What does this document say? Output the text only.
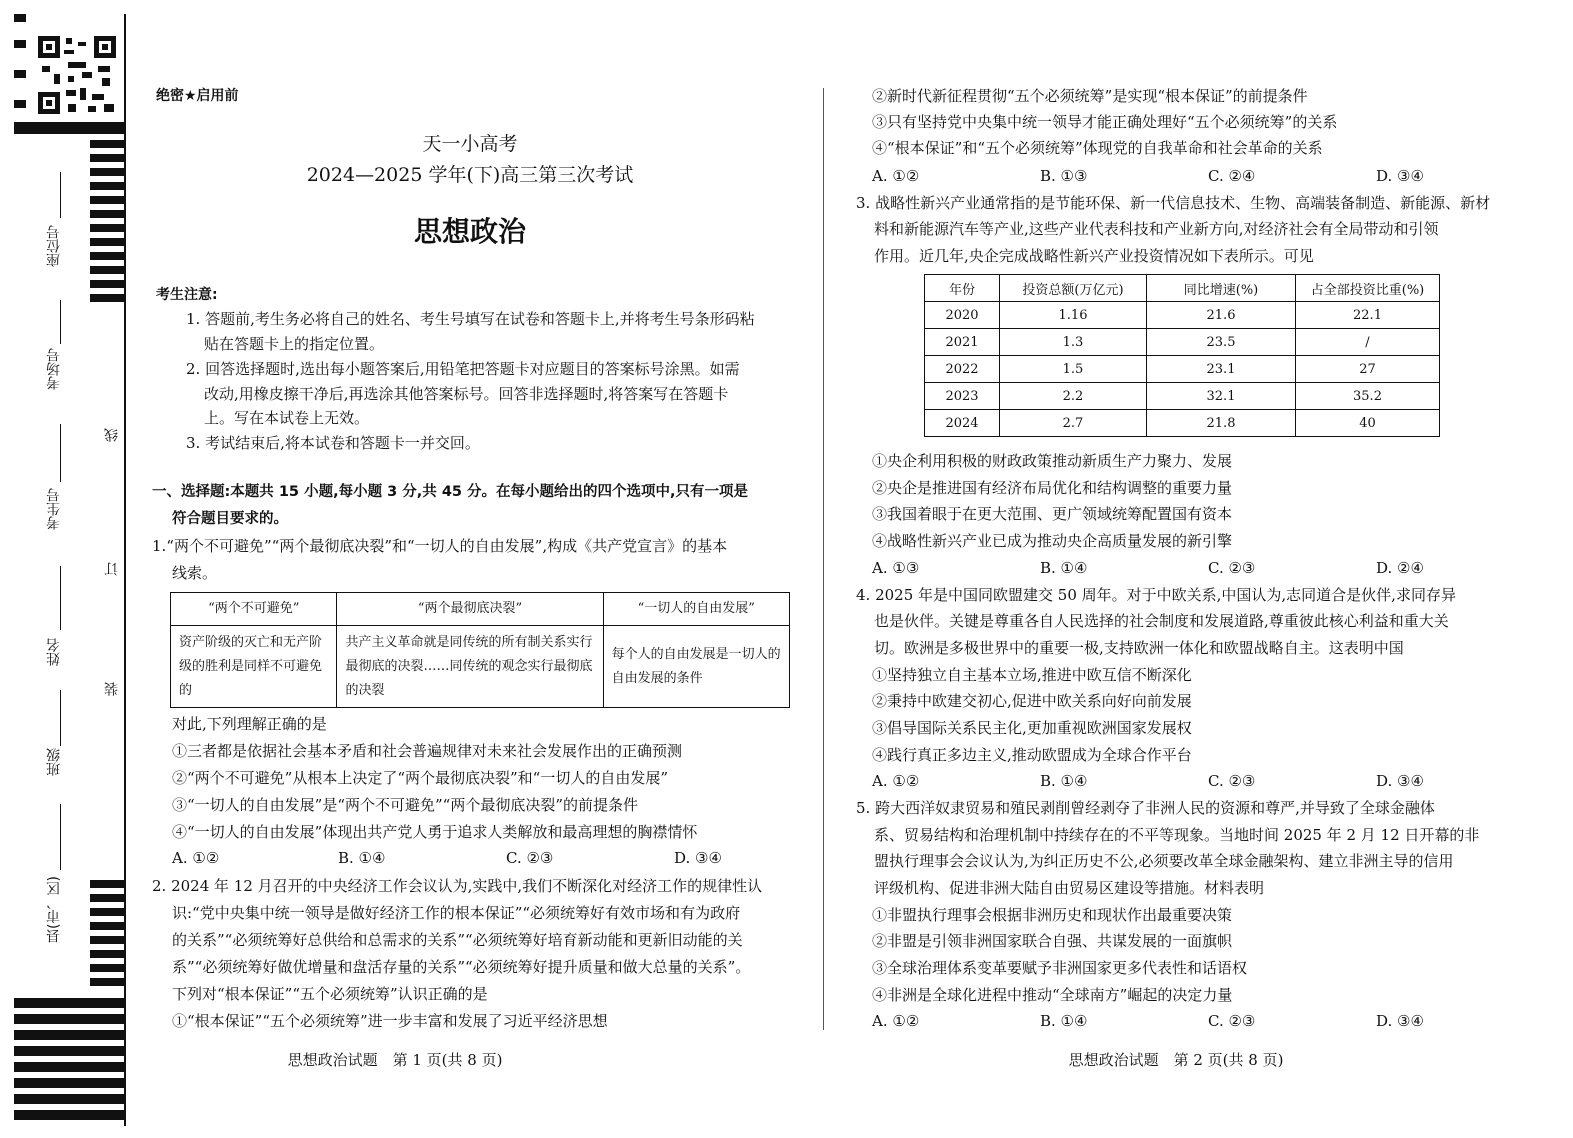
座位号
考场号
考生号
姓名
班级
县(市、区)
线
订
装
绝密★启用前
天一小高考
2024—2025 学年(下)高三第三次考试
思想政治
考生注意:
1. 答题前,考生务必将自己的姓名、考生号填写在试卷和答题卡上,并将考生号条形码粘
贴在答题卡上的指定位置。
2. 回答选择题时,选出每小题答案后,用铅笔把答题卡对应题目的答案标号涂黑。如需
改动,用橡皮擦干净后,再选涂其他答案标号。回答非选择题时,将答案写在答题卡
上。写在本试卷上无效。
3. 考试结束后,将本试卷和答题卡一并交回。
一、选择题:本题共 15 小题,每小题 3 分,共 45 分。在每小题给出的四个选项中,只有一项是
符合题目要求的。
1.“两个不可避免”“两个最彻底决裂”和“一切人的自由发展”,构成《共产党宣言》的基本
线索。
“两个不可避免”	“两个最彻底决裂”	“一切人的自由发展”
资产阶级的灭亡和无产阶级的胜利是同样不可避免的	共产主义革命就是同传统的所有制关系实行最彻底的决裂……同传统的观念实行最彻底的决裂	每个人的自由发展是一切人的自由发展的条件
对此,下列理解正确的是
①三者都是依据社会基本矛盾和社会普遍规律对未来社会发展作出的正确预测
②“两个不可避免”从根本上决定了“两个最彻底决裂”和“一切人的自由发展”
③“一切人的自由发展”是“两个不可避免”“两个最彻底决裂”的前提条件
④“一切人的自由发展”体现出共产党人勇于追求人类解放和最高理想的胸襟情怀
A. ①②	B. ①④	C. ②③	D. ③④
2. 2024 年 12 月召开的中央经济工作会议认为,实践中,我们不断深化对经济工作的规律性认
识:“党中央集中统一领导是做好经济工作的根本保证”“必须统筹好有效市场和有为政府
的关系”“必须统筹好总供给和总需求的关系”“必须统筹好培育新动能和更新旧动能的关
系”“必须统筹好做优增量和盘活存量的关系”“必须统筹好提升质量和做大总量的关系”。
下列对“根本保证”“五个必须统筹”认识正确的是
①“根本保证”“五个必须统筹”进一步丰富和发展了习近平经济思想
思想政治试题　第 1 页(共 8 页)
②新时代新征程贯彻“五个必须统筹”是实现“根本保证”的前提条件
③只有坚持党中央集中统一领导才能正确处理好“五个必须统筹”的关系
④“根本保证”和“五个必须统筹”体现党的自我革命和社会革命的关系
A. ①②	B. ①③	C. ②④	D. ③④
3. 战略性新兴产业通常指的是节能环保、新一代信息技术、生物、高端装备制造、新能源、新材
料和新能源汽车等产业,这些产业代表科技和产业新方向,对经济社会有全局带动和引领
作用。近几年,央企完成战略性新兴产业投资情况如下表所示。可见
年份	投资总额(万亿元)	同比增速(%)	占全部投资比重(%)
2020	1.16	21.6	22.1
2021	1.3	23.5	/
2022	1.5	23.1	27
2023	2.2	32.1	35.2
2024	2.7	21.8	40
①央企利用积极的财政政策推动新质生产力聚力、发展
②央企是推进国有经济布局优化和结构调整的重要力量
③我国着眼于在更大范围、更广领域统筹配置国有资本
④战略性新兴产业已成为推动央企高质量发展的新引擎
A. ①③	B. ①④	C. ②③	D. ②④
4. 2025 年是中国同欧盟建交 50 周年。对于中欧关系,中国认为,志同道合是伙伴,求同存异
也是伙伴。关键是尊重各自人民选择的社会制度和发展道路,尊重彼此核心利益和重大关
切。欧洲是多极世界中的重要一极,支持欧洲一体化和欧盟战略自主。这表明中国
①坚持独立自主基本立场,推进中欧互信不断深化
②秉持中欧建交初心,促进中欧关系向好向前发展
③倡导国际关系民主化,更加重视欧洲国家发展权
④践行真正多边主义,推动欧盟成为全球合作平台
A. ①②	B. ①④	C. ②③	D. ③④
5. 跨大西洋奴隶贸易和殖民剥削曾经剥夺了非洲人民的资源和尊严,并导致了全球金融体
系、贸易结构和治理机制中持续存在的不平等现象。当地时间 2025 年 2 月 12 日开幕的非
盟执行理事会会议认为,为纠正历史不公,必须要改革全球金融架构、建立非洲主导的信用
评级机构、促进非洲大陆自由贸易区建设等措施。材料表明
①非盟执行理事会根据非洲历史和现状作出最重要决策
②非盟是引领非洲国家联合自强、共谋发展的一面旗帜
③全球治理体系变革要赋予非洲国家更多代表性和话语权
④非洲是全球化进程中推动“全球南方”崛起的决定力量
A. ①②	B. ①④	C. ②③	D. ③④
思想政治试题　第 2 页(共 8 页)
